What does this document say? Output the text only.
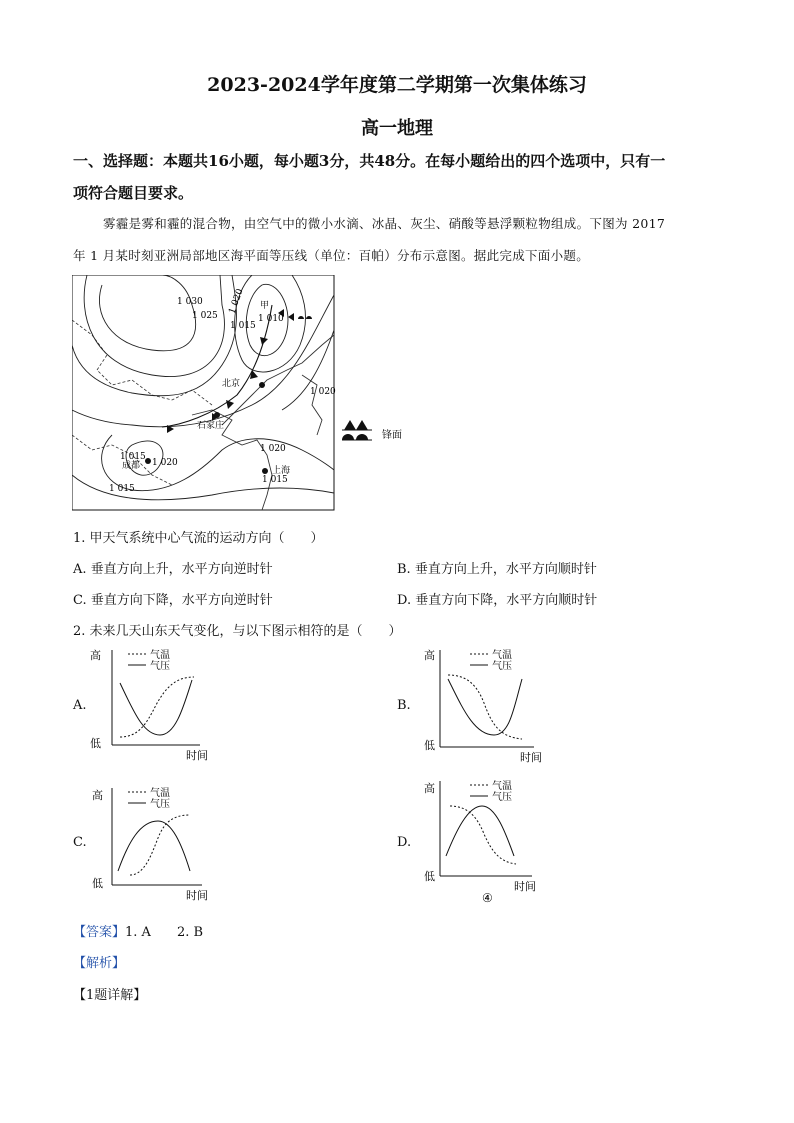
2023-2024学年度第二学期第一次集体练习
高一地理
一、选择题：本题共16小题，每小题3分，共48分。在每小题给出的四个选项中，只有一
项符合题目要求。
雾霾是雾和霾的混合物，由空气中的微小水滴、冰晶、灰尘、硝酸等悬浮颗粒物组成。下图为 2017
年 1 月某时刻亚洲局部地区海平面等压线（单位：百帕）分布示意图。据此完成下面小题。
1 030
1 025
1 020
1 015
1 010
1 020
1 020
1 015
1 020
1 015
1 015
甲
北京
石家庄
成都	上海
锋面
1. 甲天气系统中心气流的运动方向（　　）
A. 垂直方向上升，水平方向逆时针	B. 垂直方向上升，水平方向顺时针
C. 垂直方向下降，水平方向逆时针	D. 垂直方向下降，水平方向顺时针
2. 未来几天山东天气变化，与以下图示相符的是（　　）
A.
高
低
时间
气温
气压
B.
高
低
时间
气温
气压
C.
高
低
时间
气温
气压
D.
高
低
时间
④
气温
气压
【答案】1. A　　2. B
【解析】
【1题详解】
